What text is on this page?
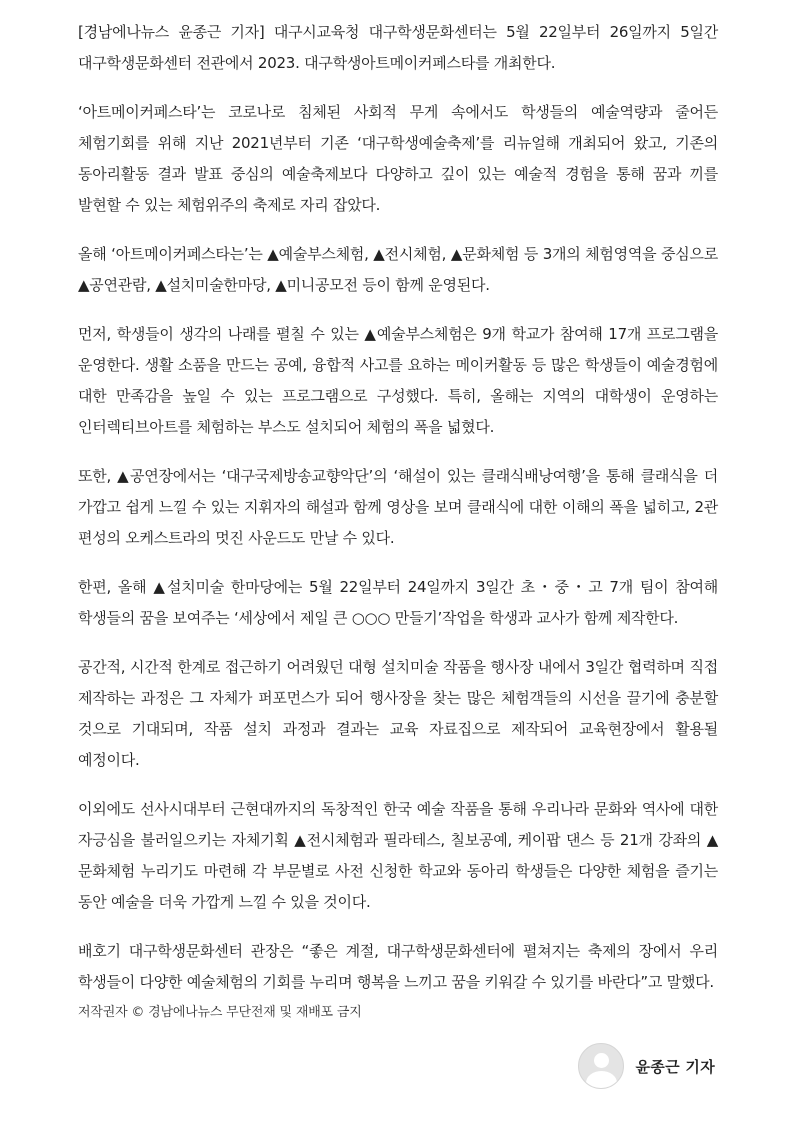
[경남에나뉴스 윤종근 기자] 대구시교육청 대구학생문화센터는 5월 22일부터 26일까지 5일간 대구학생문화센터 전관에서 2023. 대구학생아트메이커페스타를 개최한다.

‘아트메이커페스타’는 코로나로 침체된 사회적 무게 속에서도 학생들의 예술역량과 줄어든 체험기회를 위해 지난 2021년부터 기존 ‘대구학생예술축제’를 리뉴얼해 개최되어 왔고, 기존의 동아리활동 결과 발표 중심의 예술축제보다 다양하고 깊이 있는 예술적 경험을 통해 꿈과 끼를 발현할 수 있는 체험위주의 축제로 자리 잡았다.

올해 ‘아트메이커페스타는’는 ▲예술부스체험, ▲전시체험, ▲문화체험 등 3개의 체험영역을 중심으로 ▲공연관람, ▲설치미술한마당, ▲미니공모전 등이 함께 운영된다.

먼저, 학생들이 생각의 나래를 펼칠 수 있는 ▲예술부스체험은 9개 학교가 참여해 17개 프로그램을 운영한다. 생활 소품을 만드는 공예, 융합적 사고를 요하는 메이커활동 등 많은 학생들이 예술경험에 대한 만족감을 높일 수 있는 프로그램으로 구성했다. 특히, 올해는 지역의 대학생이 운영하는 인터렉티브아트를 체험하는 부스도 설치되어 체험의 폭을 넓혔다.

또한, ▲공연장에서는 ‘대구국제방송교향악단’의 ‘해설이 있는 클래식배낭여행’을 통해 클래식을 더 가깝고 쉽게 느낄 수 있는 지휘자의 해설과 함께 영상을 보며 클래식에 대한 이해의 폭을 넓히고, 2관 편성의 오케스트라의 멋진 사운드도 만날 수 있다.

한편, 올해 ▲설치미술 한마당에는 5월 22일부터 24일까지 3일간 초・중・고 7개 팀이 참여해 학생들의 꿈을 보여주는 ‘세상에서 제일 큰 ○○○ 만들기’작업을 학생과 교사가 함께 제작한다.

공간적, 시간적 한계로 접근하기 어려웠던 대형 설치미술 작품을 행사장 내에서 3일간 협력하며 직접 제작하는 과정은 그 자체가 퍼포먼스가 되어 행사장을 찾는 많은 체험객들의 시선을 끌기에 충분할 것으로 기대되며, 작품 설치 과정과 결과는 교육 자료집으로 제작되어 교육현장에서 활용될 예정이다.

이외에도 선사시대부터 근현대까지의 독창적인 한국 예술 작품을 통해 우리나라 문화와 역사에 대한 자긍심을 불러일으키는 자체기획 ▲전시체험과 필라테스, 칠보공예, 케이팝 댄스 등 21개 강좌의 ▲문화체험 누리기도 마련해 각 부문별로 사전 신청한 학교와 동아리 학생들은 다양한 체험을 즐기는 동안 예술을 더욱 가깝게 느낄 수 있을 것이다.

배호기 대구학생문화센터 관장은 “좋은 계절, 대구학생문화센터에 펼쳐지는 축제의 장에서 우리 학생들이 다양한 예술체험의 기회를 누리며 행복을 느끼고 꿈을 키워갈 수 있기를 바란다”고 말했다.

저작권자 © 경남에나뉴스 무단전재 및 재배포 금지
윤종근 기자
